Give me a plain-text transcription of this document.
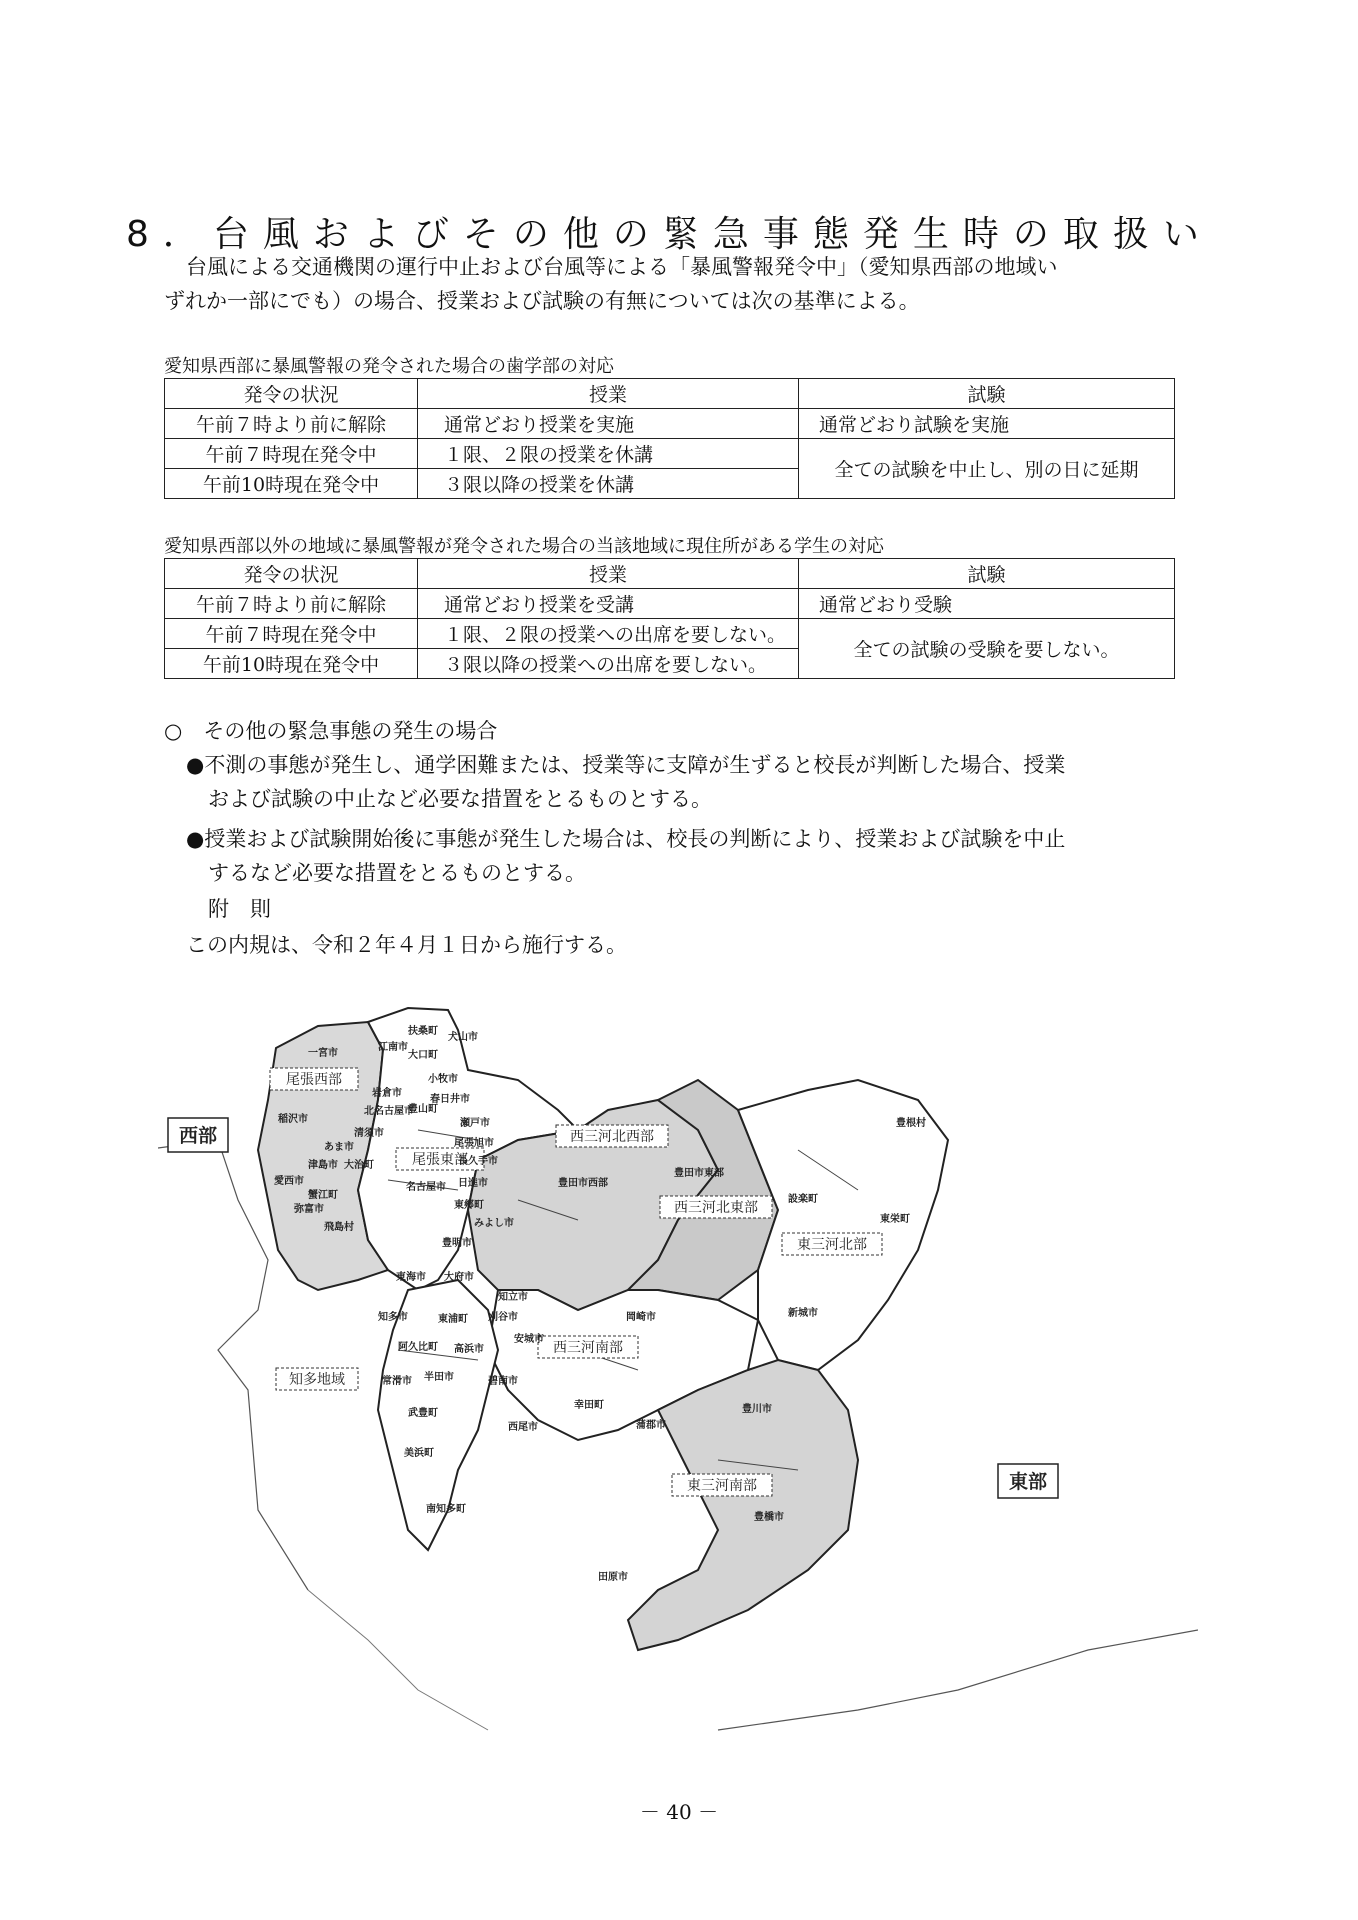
8．台風およびその他の緊急事態発生時の取扱い
台風による交通機関の運行中止および台風等による「暴風警報発令中」（愛知県西部の地域い
ずれか一部にでも）の場合、授業および試験の有無については次の基準による。
愛知県西部に暴風警報の発令された場合の歯学部の対応
発令の状況	授業	試験
午前７時より前に解除	通常どおり授業を実施	通常どおり試験を実施
午前７時現在発令中	１限、２限の授業を休講	全ての試験を中止し、別の日に延期
午前10時現在発令中	３限以降の授業を休講	
愛知県西部以外の地域に暴風警報が発令された場合の当該地域に現住所がある学生の対応
発令の状況	授業	試験
午前７時より前に解除	通常どおり授業を受講	通常どおり受験
午前７時現在発令中	１限、２限の授業への出席を要しない。	全ての試験の受験を要しない。
午前10時現在発令中	３限以降の授業への出席を要しない。	
○　その他の緊急事態の発生の場合
●不測の事態が発生し、通学困難または、授業等に支障が生ずると校長が判断した場合、授業
および試験の中止など必要な措置をとるものとする。
●授業および試験開始後に事態が発生した場合は、校長の判断により、授業および試験を中止
するなど必要な措置をとるものとする。
附　則
この内規は、令和２年４月１日から施行する。
西部
東部
尾張西部
尾張東部
西三河北西部
西三河北東部
東三河北部
西三河南部
東三河南部
知多地域
扶桑町
犬山市
江南市
大口町
一宮市
小牧市
岩倉市
春日井市
北名古屋市
豊山町
稲沢市
清須市
瀬戸市
あま市	尾張旭市
津島市 大治町	長久手市
愛西市
名古屋市 日進市
蟹江町
弥富市	東郷町
みよし市
飛島村
豊明市
豊田市西部
豊田市東部
設楽町
豊根村
東栄町
新城市
東海市 大府市
知立市
知多市	刈谷市
東浦町
安城市
岡崎市
阿久比町 高浜市
常滑市 半田市	碧南市
幸田町
西尾市	蒲郡市
豊川市
武豊町
美浜町
豊橋市
南知多町
田原市
－ 40 －
